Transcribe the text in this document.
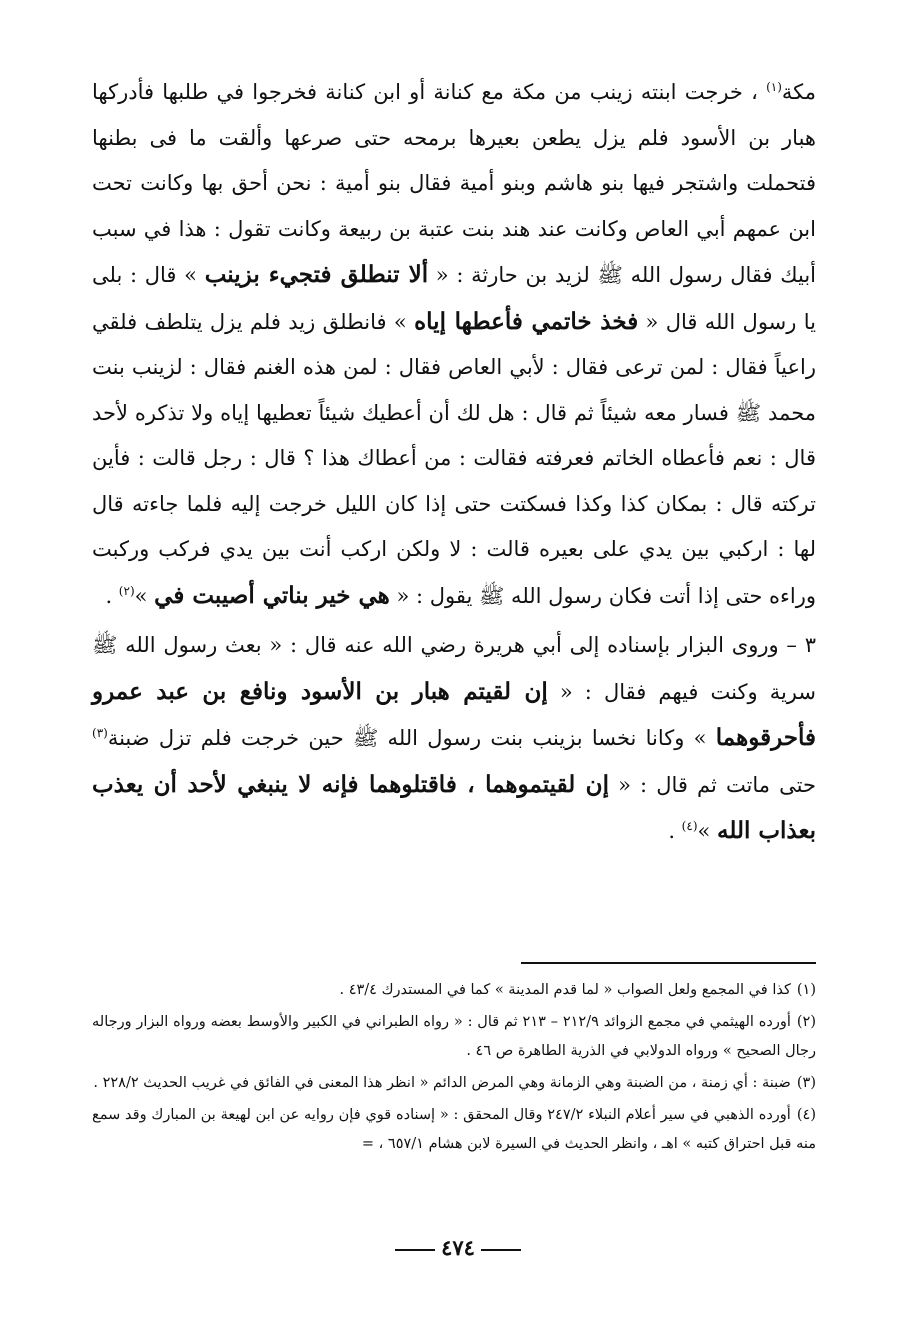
مكة$^{(١)}$ ، خرجت ابنته زينب من مكة مع كنانة أو ابن كنانة فخرجوا في طلبها فأدركها هبار بن الأسود فلم يزل يطعن بعيرها برمحه حتى صرعها وألقت ما فى بطنها فتحملت واشتجر فيها بنو هاشم وبنو أمية فقال بنو أمية : نحن أحق بها وكانت تحت ابن عمهم أبي العاص وكانت عند هند بنت عتبة بن ربيعة وكانت تقول : هذا في سبب أبيك فقال رسول الله ﷺ لزيد بن حارثة : « ألا تنطلق فتجيء بزينب » قال : بلى يا رسول الله قال « فخذ خاتمي فأعطها إياه » فانطلق زيد فلم يزل يتلطف فلقي راعياً فقال : لمن ترعى فقال : لأبي العاص فقال : لمن هذه الغنم فقال : لزينب بنت محمد ﷺ فسار معه شيئاً ثم قال : هل لك أن أعطيك شيئاً تعطيها إياه ولا تذكره لأحد قال : نعم فأعطاه الخاتم فعرفته فقالت : من أعطاك هذا ؟ قال : رجل قالت : فأين تركته قال : بمكان كذا وكذا فسكتت حتى إذا كان الليل خرجت إليه فلما جاءته قال لها : اركبي بين يدي على بعيره قالت : لا ولكن اركب أنت بين يدي فركب وركبت وراءه حتى إذا أتت فكان رسول الله ﷺ يقول : « هي خير بناتي أصيبت في »$^{(٢)}$ .

٣ – وروى البزار بإسناده إلى أبي هريرة رضي الله عنه قال : « بعث رسول الله ﷺ سرية وكنت فيهم فقال : « إن لقيتم هبار بن الأسود ونافع بن عبد عمرو فأحرقوهما » وكانا نخسا بزينب بنت رسول الله ﷺ حين خرجت فلم تزل ضبنة$^{(٣)}$ حتى ماتت ثم قال : « إن لقيتموهما ، فاقتلوهما فإنه لا ينبغي لأحد أن يعذب بعذاب الله »$^{(٤)}$ .

(١)كذا في المجمع ولعل الصواب « لما قدم المدينة » كما في المستدرك ٤٣/٤ .

(٢)أورده الهيثمي في مجمع الزوائد ٢١٢/٩ – ٢١٣ ثم قال : « رواه الطبراني في الكبير والأوسط بعضه ورواه البزار ورجاله رجال الصحيح » ورواه الدولابي في الذرية الطاهرة ص ٤٦ .

(٣)ضبنة : أي زمنة ، من الضبنة وهي الزمانة وهي المرض الدائم « انظر هذا المعنى في الفائق في غريب الحديث ٢٢٨/٢ .

(٤)أورده الذهبي في سير أعلام النبلاء ٢٤٧/٢ وقال المحقق : « إسناده قوي فإن روايه عن ابن لهيعة بن المبارك وقد سمع منه قبل احتراق كتبه » اهـ ، وانظر الحديث في السيرة لابن هشام ٦٥٧/١ ، =

٤٧٤
